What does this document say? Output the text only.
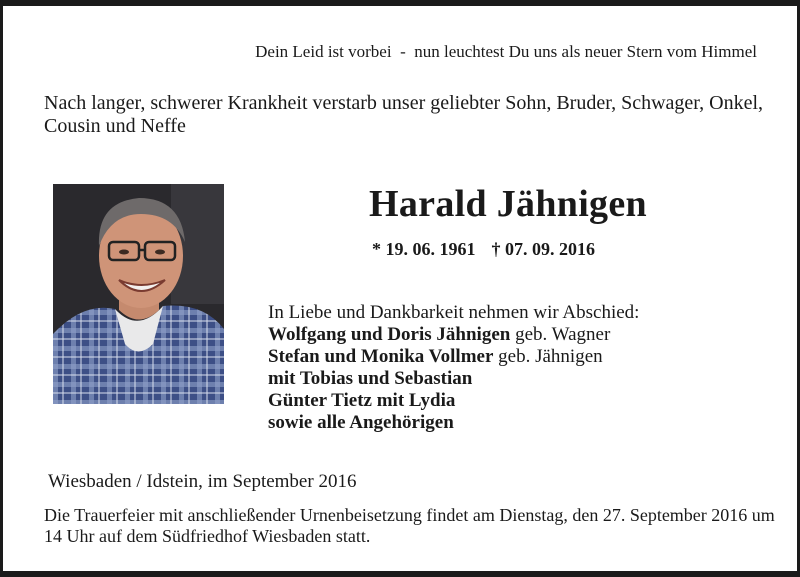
Dein Leid ist vorbei  -  nun leuchtest Du uns als neuer Stern vom Himmel
Nach langer, schwerer Krankheit verstarb unser geliebter Sohn, Bruder, Schwager, Onkel, Cousin und Neffe
Harald Jähnigen
* 19. 06. 1961 † 07. 09. 2016
In Liebe und Dankbarkeit nehmen wir Abschied:
Wolfgang und Doris Jähnigen geb. Wagner
Stefan und Monika Vollmer geb. Jähnigen
mit Tobias und Sebastian
Günter Tietz mit Lydia
sowie alle Angehörigen
Wiesbaden / Idstein, im September 2016
Die Trauerfeier mit anschließender Urnenbeisetzung findet am Dienstag, den 27. September 2016 um 14 Uhr auf dem Südfriedhof Wiesbaden statt.
